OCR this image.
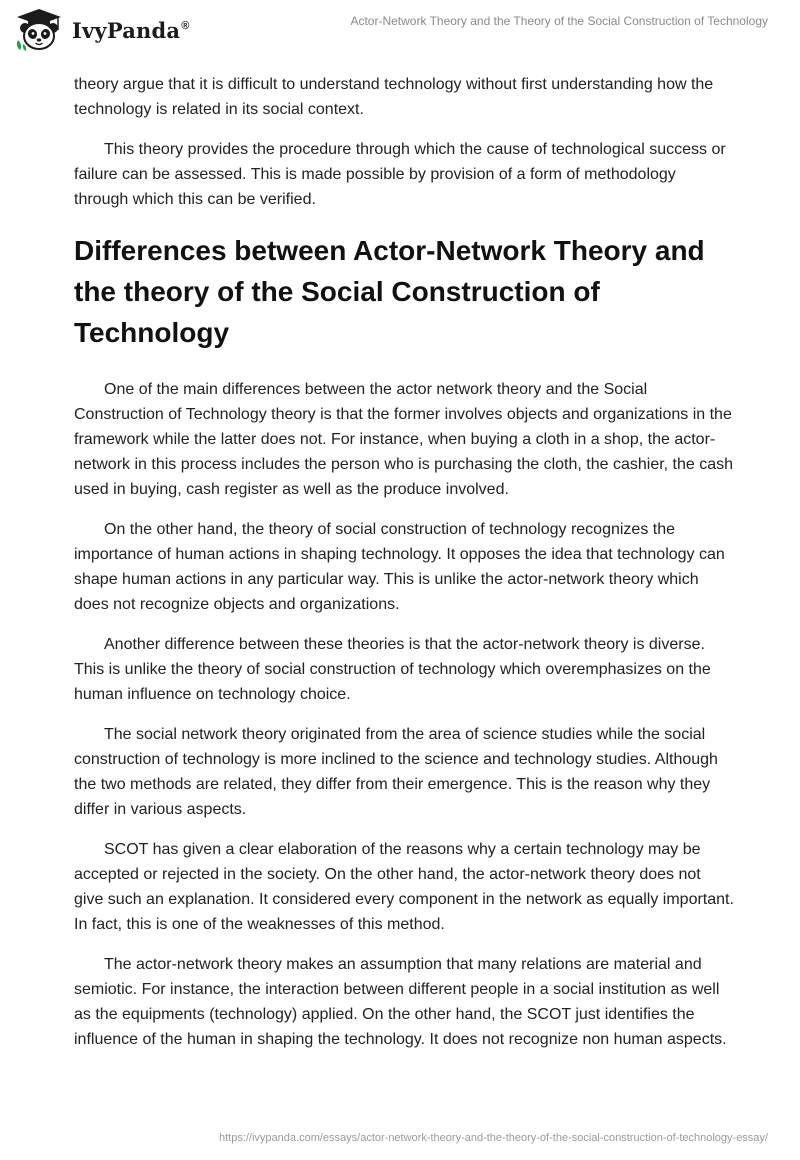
IvyPanda®	Actor-Network Theory and the Theory of the Social Construction of Technology

theory argue that it is difficult to understand technology without first understanding how the technology is related in its social context.

This theory provides the procedure through which the cause of technological success or failure can be assessed. This is made possible by provision of a form of methodology through which this can be verified.

Differences between Actor-Network Theory and the theory of the Social Construction of Technology

One of the main differences between the actor network theory and the Social Construction of Technology theory is that the former involves objects and organizations in the framework while the latter does not. For instance, when buying a cloth in a shop, the actor-network in this process includes the person who is purchasing the cloth, the cashier, the cash used in buying, cash register as well as the produce involved.

On the other hand, the theory of social construction of technology recognizes the importance of human actions in shaping technology. It opposes the idea that technology can shape human actions in any particular way. This is unlike the actor-network theory which does not recognize objects and organizations.

Another difference between these theories is that the actor-network theory is diverse. This is unlike the theory of social construction of technology which overemphasizes on the human influence on technology choice.

The social network theory originated from the area of science studies while the social construction of technology is more inclined to the science and technology studies. Although the two methods are related, they differ from their emergence. This is the reason why they differ in various aspects.

SCOT has given a clear elaboration of the reasons why a certain technology may be accepted or rejected in the society. On the other hand, the actor-network theory does not give such an explanation. It considered every component in the network as equally important. In fact, this is one of the weaknesses of this method.

The actor-network theory makes an assumption that many relations are material and semiotic. For instance, the interaction between different people in a social institution as well as the equipments (technology) applied. On the other hand, the SCOT just identifies the influence of the human in shaping the technology. It does not recognize non human aspects.

https://ivypanda.com/essays/actor-network-theory-and-the-theory-of-the-social-construction-of-technology-essay/
